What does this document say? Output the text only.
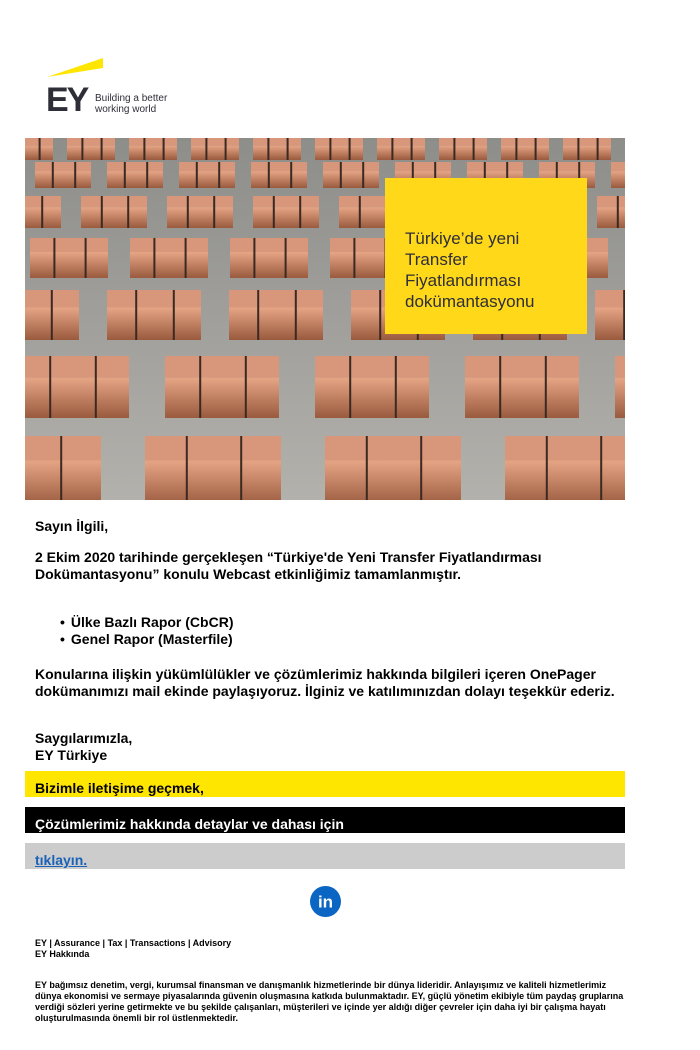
EY Building a better
working world
Türkiye’de yeni
Transfer
Fiyatlandırması
dokümantasyonu
Sayın İlgili,
2 Ekim 2020 tarihinde gerçekleşen “Türkiye'de Yeni Transfer Fiyatlandırması Dokümantasyonu” konulu Webcast etkinliğimiz tamamlanmıştır.
• Ülke Bazlı Rapor (CbCR)
• Genel Rapor (Masterfile)
Konularına ilişkin yükümlülükler ve çözümlerimiz hakkında bilgileri içeren OnePager dokümanımızı mail ekinde paylaşıyoruz. İlginiz ve katılımınızdan dolayı teşekkür ederiz.
Saygılarımızla,
EY Türkiye
Bizimle iletişime geçmek,
Çözümlerimiz hakkında detaylar ve dahası için
tıklayın.
in
EY | Assurance | Tax | Transactions | Advisory
EY Hakkında
EY bağımsız denetim, vergi, kurumsal finansman ve danışmanlık hizmetlerinde bir dünya lideridir. Anlayışımız ve kaliteli hizmetlerimiz dünya ekonomisi ve sermaye piyasalarında güvenin oluşmasına katkıda bulunmaktadır. EY, güçlü yönetim ekibiyle tüm paydaş gruplarına verdiği sözleri yerine getirmekte ve bu şekilde çalışanları, müşterileri ve içinde yer aldığı diğer çevreler için daha iyi bir çalışma hayatı oluşturulmasında önemli bir rol üstlenmektedir.
